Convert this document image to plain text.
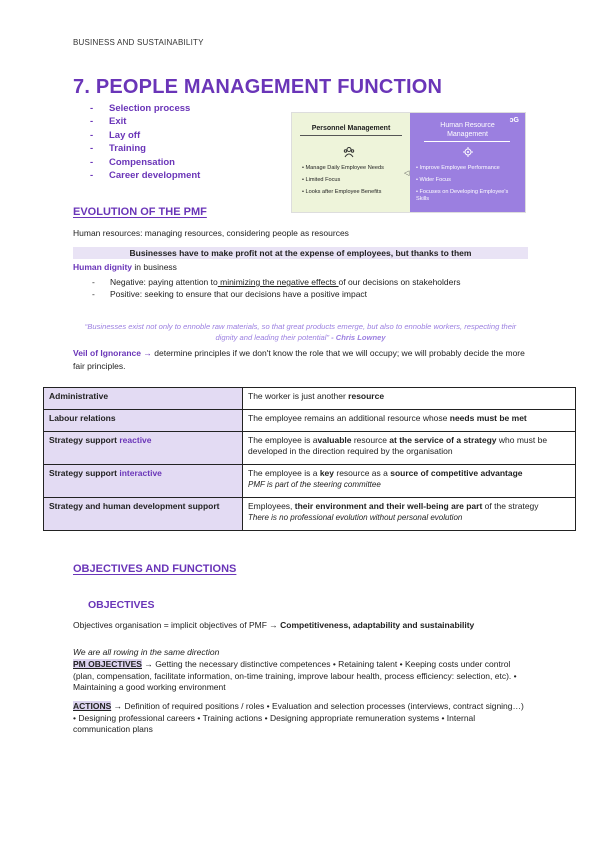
BUSINESS AND SUSTAINABILITY
7. PEOPLE MANAGEMENT FUNCTION
- Selection process
- Exit
- Lay off
- Training
- Compensation
- Career development
Personnel Management
• Manage Daily Employee Needs
• Limited Focus
• Looks after Employee Benefits
◁
ɔG
Human Resource Management
• Improve Employee Performance
• Wider Focus
• Focuses on Developing Employee's Skills
EVOLUTION OF THE PMF
Human resources: managing resources, considering people as resources
Businesses have to make profit not at the expense of employees, but thanks to them
Human dignity in business
- Negative: paying attention to minimizing the negative effects of our decisions on stakeholders
- Positive: seeking to ensure that our decisions have a positive impact
“Businesses exist not only to ennoble raw materials, so that great products emerge, but also to ennoble workers, respecting their dignity and leading their potential” - Chris Lowney
Veil of Ignorance → determine principles if we don't know the role that we will occupy; we will probably decide the more fair principles.
Administrative	The worker is just another resource
Labour relations	The employee remains an additional resource whose needs must be met
Strategy support reactive	The employee is avaluable resource at the service of a strategy who must be developed in the direction required by the organisation
Strategy support interactive	The employee is a key resource as a source of competitive advantage
PMF is part of the steering committee
Strategy and human development support	Employees, their environment and their well-being are part of the strategy
There is no professional evolution without personal evolution
OBJECTIVES AND FUNCTIONS
OBJECTIVES
Objectives organisation = implicit objectives of PMF → Competitiveness, adaptability and sustainability
We are all rowing in the same direction
PM OBJECTIVES → Getting the necessary distinctive competences • Retaining talent • Keeping costs under control (plan, compensation, facilitate information, on-time training, improve labour health, process efficiency: selection, etc). • Maintaining a good working environment
ACTIONS → Definition of required positions / roles • Evaluation and selection processes (interviews, contract signing…) • Designing professional careers • Training actions • Designing appropriate remuneration systems • Internal communication plans
